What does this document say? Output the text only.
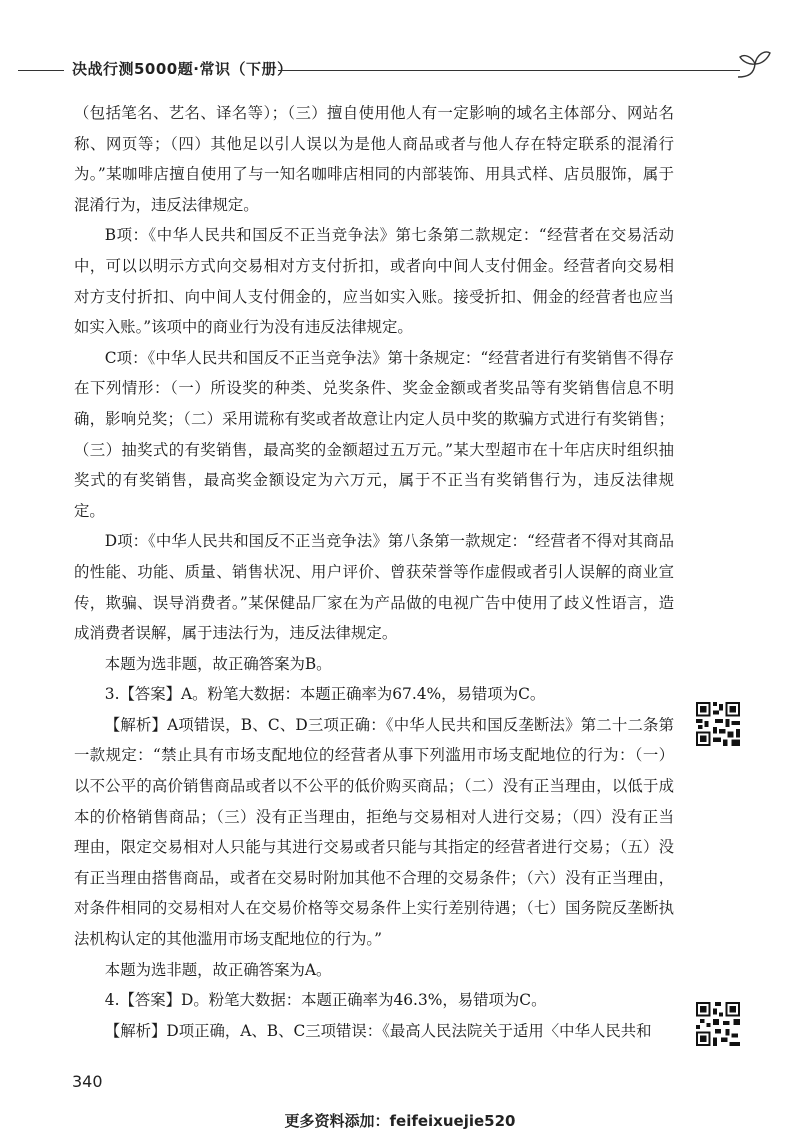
决战行测5000题·常识（下册）

（包括笔名、艺名、译名等）；（三）擅自使用他人有一定影响的域名主体部分、网站名称、网页等；（四）其他足以引人误以为是他人商品或者与他人存在特定联系的混淆行为。”某咖啡店擅自使用了与一知名咖啡店相同的内部装饰、用具式样、店员服饰，属于混淆行为，违反法律规定。

B项：《中华人民共和国反不正当竞争法》第七条第二款规定：“经营者在交易活动中，可以以明示方式向交易相对方支付折扣，或者向中间人支付佣金。经营者向交易相对方支付折扣、向中间人支付佣金的，应当如实入账。接受折扣、佣金的经营者也应当如实入账。”该项中的商业行为没有违反法律规定。

C项：《中华人民共和国反不正当竞争法》第十条规定：“经营者进行有奖销售不得存在下列情形：（一）所设奖的种类、兑奖条件、奖金金额或者奖品等有奖销售信息不明确，影响兑奖；（二）采用谎称有奖或者故意让内定人员中奖的欺骗方式进行有奖销售；（三）抽奖式的有奖销售，最高奖的金额超过五万元。”某大型超市在十年店庆时组织抽奖式的有奖销售，最高奖金额设定为六万元，属于不正当有奖销售行为，违反法律规定。

D项：《中华人民共和国反不正当竞争法》第八条第一款规定：“经营者不得对其商品的性能、功能、质量、销售状况、用户评价、曾获荣誉等作虚假或者引人误解的商业宣传，欺骗、误导消费者。”某保健品厂家在为产品做的电视广告中使用了歧义性语言，造成消费者误解，属于违法行为，违反法律规定。

本题为选非题，故正确答案为B。

3.【答案】A。粉笔大数据：本题正确率为67.4%，易错项为C。

【解析】A项错误，B、C、D三项正确：《中华人民共和国反垄断法》第二十二条第一款规定：“禁止具有市场支配地位的经营者从事下列滥用市场支配地位的行为：（一）以不公平的高价销售商品或者以不公平的低价购买商品；（二）没有正当理由，以低于成本的价格销售商品；（三）没有正当理由，拒绝与交易相对人进行交易；（四）没有正当理由，限定交易相对人只能与其进行交易或者只能与其指定的经营者进行交易；（五）没有正当理由搭售商品，或者在交易时附加其他不合理的交易条件；（六）没有正当理由，对条件相同的交易相对人在交易价格等交易条件上实行差别待遇；（七）国务院反垄断执法机构认定的其他滥用市场支配地位的行为。”

本题为选非题，故正确答案为A。

4.【答案】D。粉笔大数据：本题正确率为46.3%，易错项为C。

【解析】D项正确，A、B、C三项错误：《最高人民法院关于适用〈中华人民共和

340
更多资料添加：feifeixuejie520
